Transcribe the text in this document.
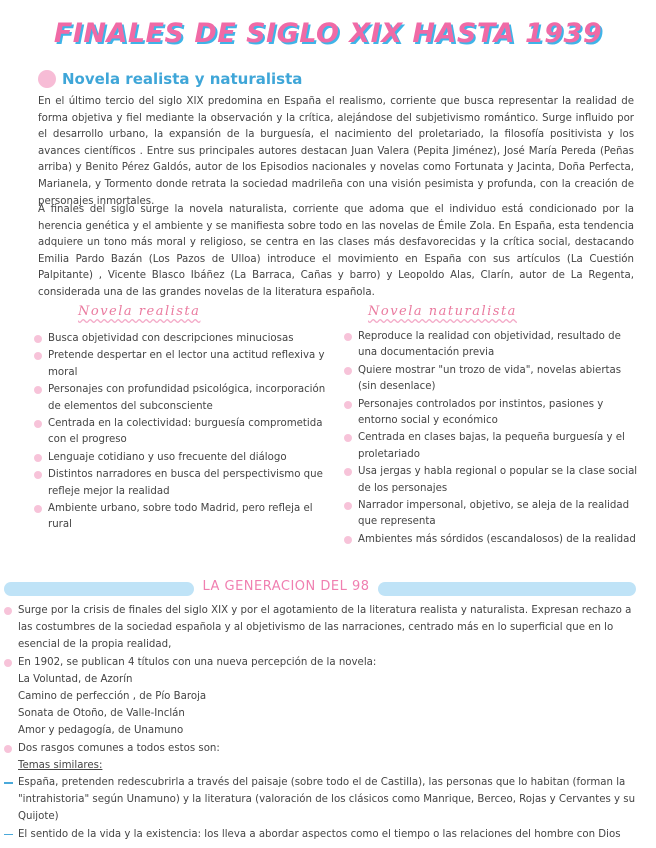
FINALES DE SIGLO XIX HASTA 1939
Novela realista y naturalista
En el último tercio del siglo XIX predomina en España el realismo, corriente que busca representar la realidad de forma objetiva y fiel mediante la observación y la crítica, alejándose del subjetivismo romántico. Surge influido por el desarrollo urbano, la expansión de la burguesía, el nacimiento del proletariado, la filosofía positivista y los avances científicos . Entre sus principales autores destacan Juan Valera (Pepita Jiménez), José María Pereda (Peñas arriba) y Benito Pérez Galdós, autor de los Episodios nacionales y novelas como Fortunata y Jacinta, Doña Perfecta, Marianela, y Tormento donde retrata la sociedad madrileña con una visión pesimista y profunda, con la creación de personajes inmortales.
A finales del siglo surge la novela naturalista, corriente que adoma que el individuo está condicionado por la herencia genética y el ambiente y se manifiesta sobre todo en las novelas de Émile Zola. En España, esta tendencia adquiere un tono más moral y religioso, se centra en las clases más desfavorecidas y la crítica social, destacando Emilia Pardo Bazán (Los Pazos de Ulloa) introduce el movimiento en España con sus artículos (La Cuestión Palpitante) , Vicente Blasco Ibáñez (La Barraca, Cañas y barro) y Leopoldo Alas, Clarín, autor de La Regenta, considerada una de las grandes novelas de la literatura española.
Novela realista	Novela naturalista
Busca objetividad con descripciones minuciosas
Pretende despertar en el lector una actitud reflexiva y moral
Personajes con profundidad psicológica, incorporación de elementos del subconsciente
Centrada en la colectividad: burguesía comprometida con el progreso
Lenguaje cotidiano y uso frecuente del diálogo
Distintos narradores en busca del perspectivismo que refleje mejor la realidad
Ambiente urbano, sobre todo Madrid, pero refleja el rural
Reproduce la realidad con objetividad, resultado de una documentación previa
Quiere mostrar "un trozo de vida", novelas abiertas (sin desenlace)
Personajes controlados por instintos, pasiones y entorno social y económico
Centrada en clases bajas, la pequeña burguesía y el proletariado
Usa jergas y habla regional o popular se la clase social de los personajes
Narrador impersonal, objetivo, se aleja de la realidad que representa
Ambientes más sórdidos (escandalosos) de la realidad
LA GENERACION DEL 98
Surge por la crisis de finales del siglo XIX y por el agotamiento de la literatura realista y naturalista. Expresan rechazo a las costumbres de la sociedad española y al objetivismo de las narraciones, centrado más en lo superficial que en lo esencial de la propia realidad,
En 1902, se publican 4 títulos con una nueva percepción de la novela:
La Voluntad, de Azorín
Camino de perfección , de Pío Baroja
Sonata de Otoño, de Valle-Inclán
Amor y pedagogía, de Unamuno
Dos rasgos comunes a todos estos son:
Temas similares:
España, pretenden redescubrirla a través del paisaje (sobre todo el de Castilla), las personas que lo habitan (forman la "intrahistoria" según Unamuno) y la literatura (valoración de los clásicos como Manrique, Berceo, Rojas y Cervantes y su Quijote)
El sentido de la vida y la existencia: los lleva a abordar aspectos como el tiempo o las relaciones del hombre con Dios
